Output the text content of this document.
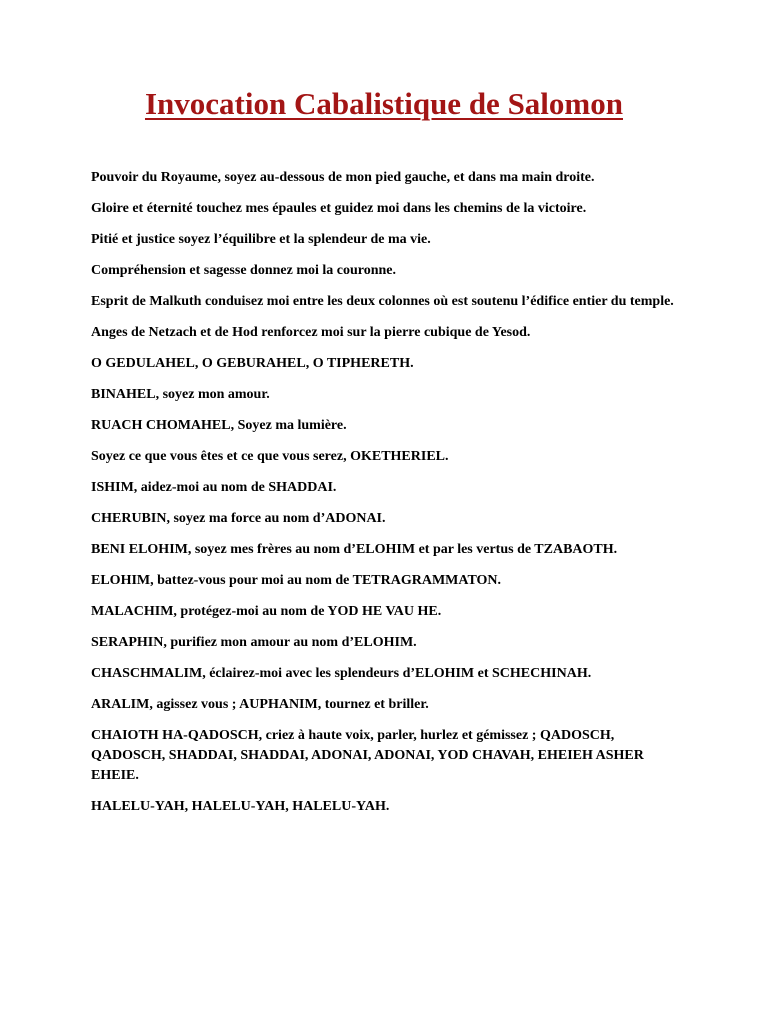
Invocation Cabalistique de Salomon

Pouvoir du Royaume, soyez au-dessous de mon pied gauche, et dans ma main droite.

Gloire et éternité touchez mes épaules et guidez moi dans les chemins de la victoire.

Pitié et justice soyez l’équilibre et la splendeur de ma vie.

Compréhension et sagesse donnez moi la couronne.

Esprit de Malkuth conduisez moi entre les deux colonnes où est soutenu l’édifice entier du temple.

Anges de Netzach et de Hod renforcez moi sur la pierre cubique de Yesod.

O GEDULAHEL, O GEBURAHEL, O TIPHERETH.

BINAHEL, soyez mon amour.

RUACH CHOMAHEL, Soyez ma lumière.

Soyez ce que vous êtes et ce que vous serez, OKETHERIEL.

ISHIM, aidez-moi au nom de SHADDAI.

CHERUBIN, soyez ma force au nom d’ADONAI.

BENI ELOHIM, soyez mes frères au nom d’ELOHIM et par les vertus de TZABAOTH.

ELOHIM, battez-vous pour moi au nom de TETRAGRAMMATON.

MALACHIM, protégez-moi au nom de YOD HE VAU HE.

SERAPHIN, purifiez mon amour au nom d’ELOHIM.

CHASCHMALIM, éclairez-moi avec les splendeurs d’ELOHIM et SCHECHINAH.

ARALIM, agissez vous ; AUPHANIM, tournez et briller.

CHAIOTH HA-QADOSCH, criez à haute voix, parler, hurlez et gémissez ; QADOSCH, QADOSCH, SHADDAI, SHADDAI, ADONAI, ADONAI, YOD CHAVAH, EHEIEH ASHER EHEIE.

HALELU-YAH, HALELU-YAH, HALELU-YAH.
